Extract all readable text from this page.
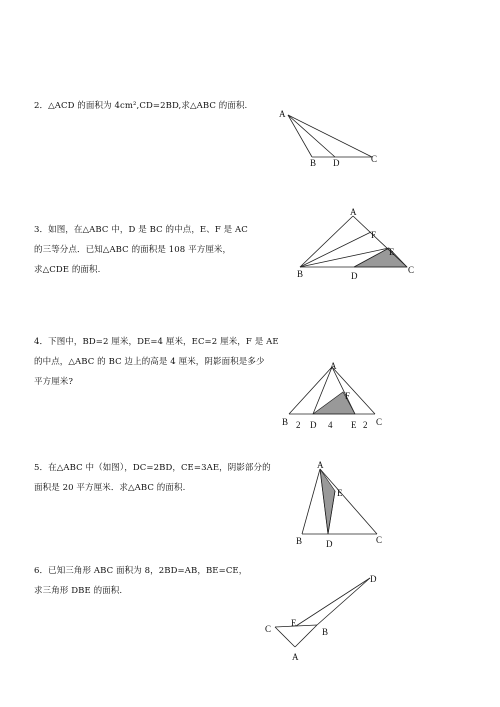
2．△ACD 的面积为 4cm²,CD=2BD,求△ABC 的面积.
A
B D	C
3．如图，在△ABC 中，D 是 BC 的中点，E、F 是 AC
的三等分点．已知△ABC 的面积是 108 平方厘米，
求△CDE 的面积.
A
F
E
B	D
C
4．下图中，BD=2 厘米，DE=4 厘米，EC=2 厘米，F 是 AE
的中点，△ABC 的 BC 边上的高是 4 厘米，阴影面积是多少
平方厘米?
A
F
B 2 D 4 E 2 C
5．在△ABC 中（如图），DC=2BD，CE=3AE，阴影部分的
面积是 20 平方厘米．求△ABC 的面积.
A
E
B	D	C
6．已知三角形 ABC 面积为 8，2BD=AB，BE=CE，
求三角形 DBE 的面积.
D
C
E
B
A
